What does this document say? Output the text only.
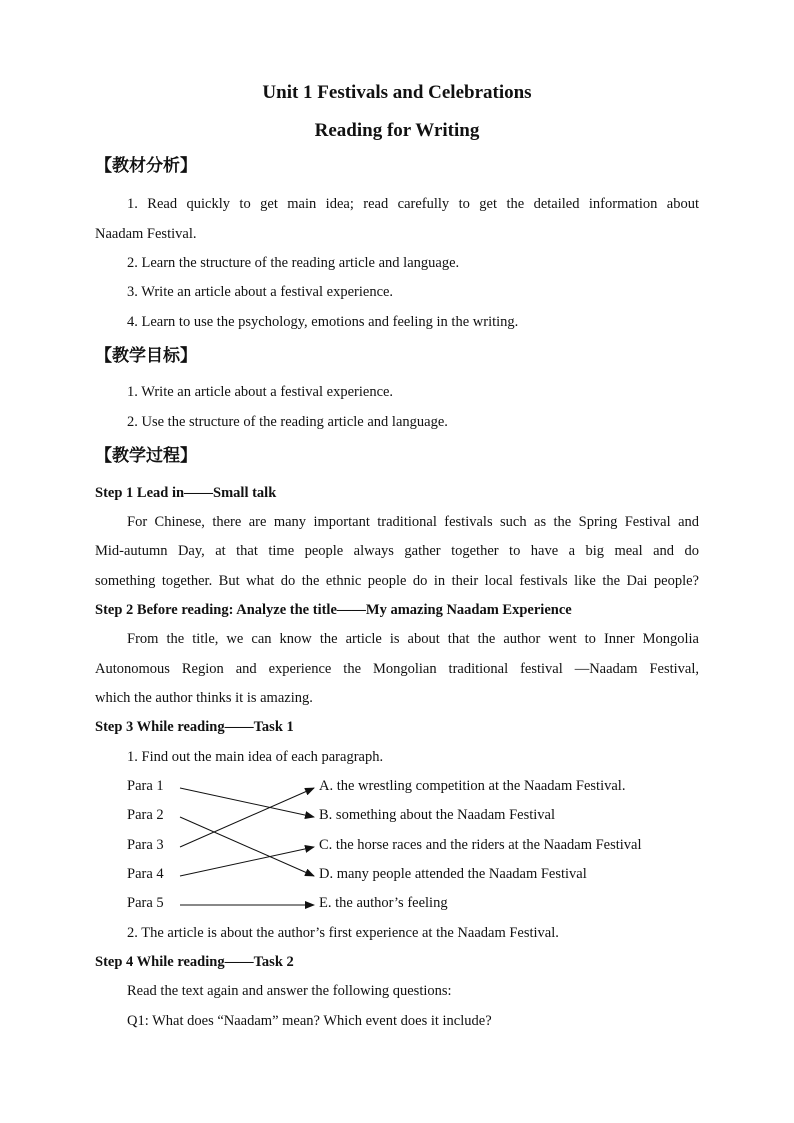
Unit 1 Festivals and Celebrations
Reading for Writing
【教材分析】
1. Read quickly to get main idea; read carefully to get the detailed information about
Naadam Festival.
2. Learn the structure of the reading article and language.
3. Write an article about a festival experience.
4. Learn to use the psychology, emotions and feeling in the writing.
【教学目标】
1. Write an article about a festival experience.
2. Use the structure of the reading article and language.
【教学过程】
Step 1 Lead in——Small talk
For Chinese, there are many important traditional festivals such as the Spring Festival and
Mid-autumn Day, at that time people always gather together to have a big meal and do
something together. But what do the ethnic people do in their local festivals like the Dai people?
Step 2 Before reading: Analyze the title——My amazing Naadam Experience
From the title, we can know the article is about that the author went to Inner Mongolia
Autonomous Region and experience the Mongolian traditional festival —Naadam Festival,
which the author thinks it is amazing.
Step 3 While reading——Task 1
1. Find out the main idea of each paragraph.
Para 1
Para 2
Para 3
Para 4
Para 5
A. the wrestling competition at the Naadam Festival.
B. something about the Naadam Festival
C. the horse races and the riders at the Naadam Festival
D. many people attended the Naadam Festival
E. the author’s feeling
2. The article is about the author’s first experience at the Naadam Festival.
Step 4 While reading——Task 2
Read the text again and answer the following questions:
Q1: What does “Naadam” mean? Which event does it include?
